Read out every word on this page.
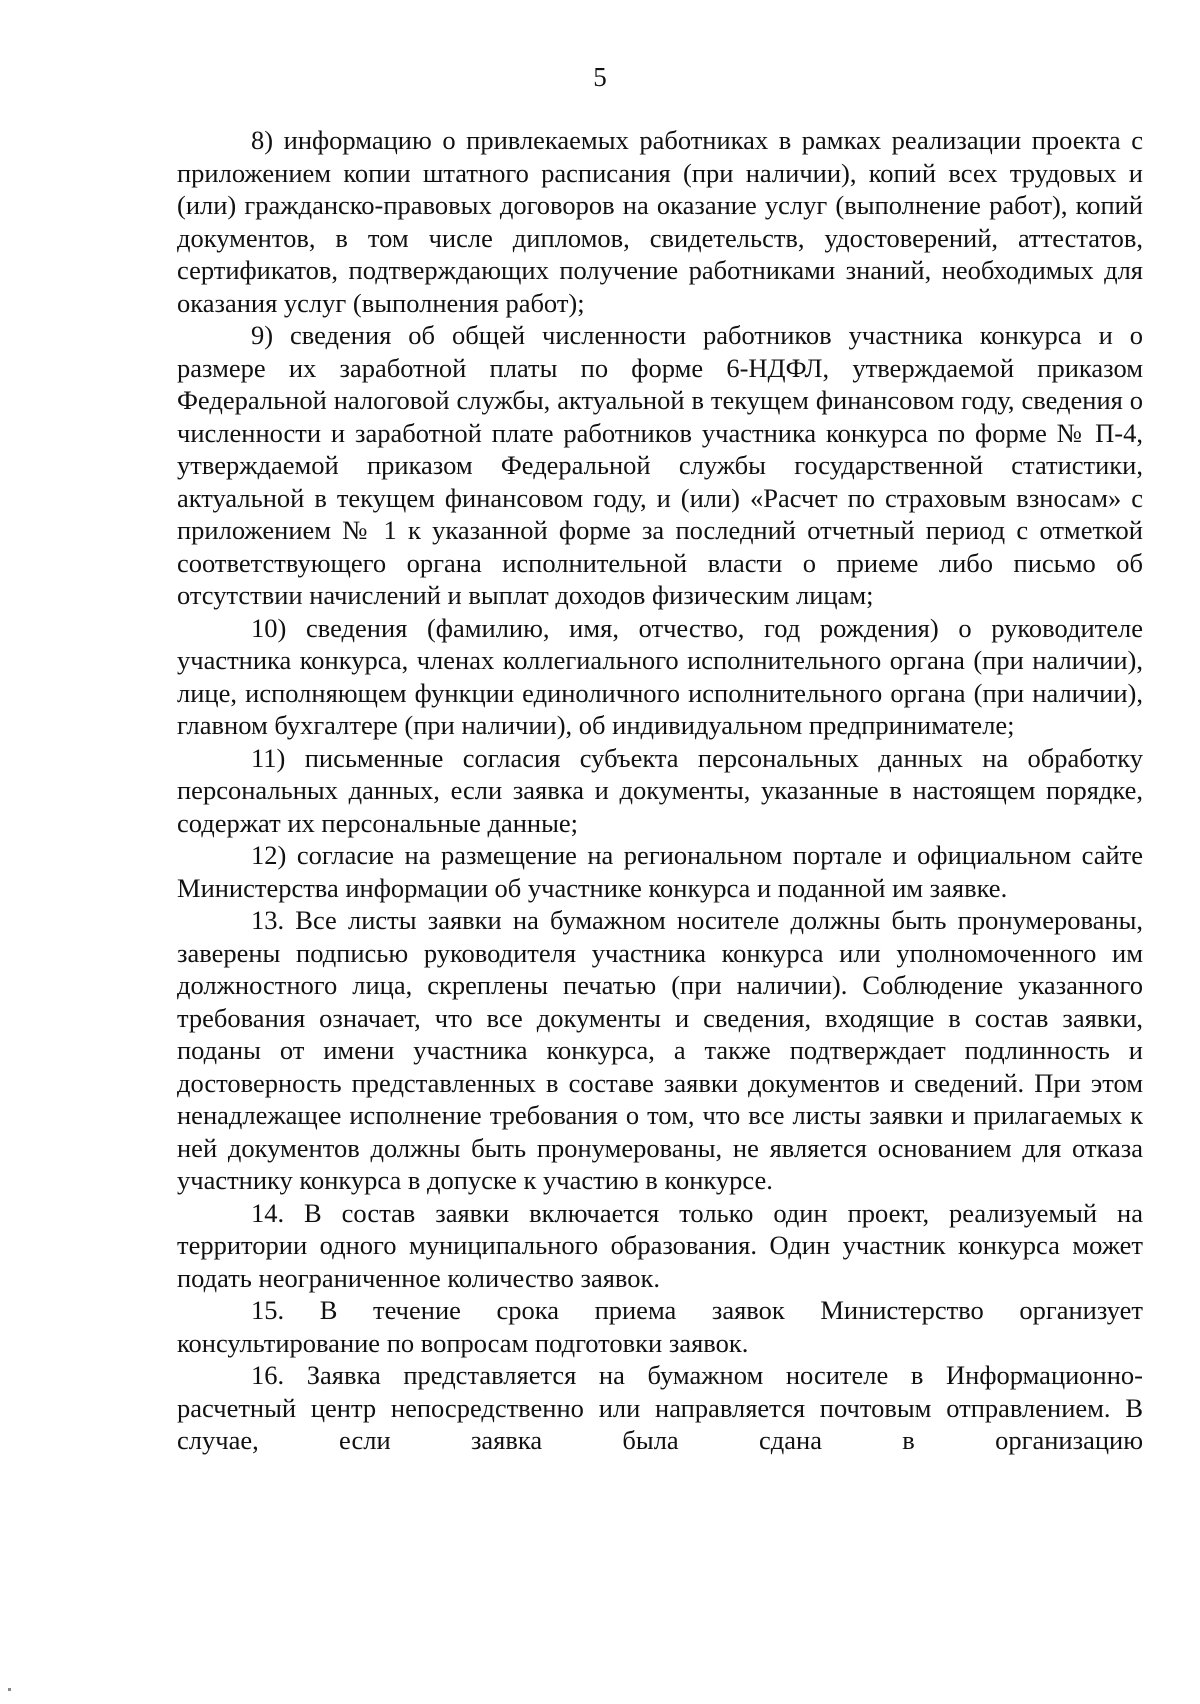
5

8) информацию о привлекаемых работниках в рамках реализации проекта с приложением копии штатного расписания (при наличии), копий всех трудовых и (или) гражданско-правовых договоров на оказание услуг (выполнение работ), копий документов, в том числе дипломов, свидетельств, удостоверений, аттестатов, сертификатов, подтверждающих получение работниками знаний, необходимых для оказания услуг (выполнения работ);

9) сведения об общей численности работников участника конкурса и о размере их заработной платы по форме 6-НДФЛ, утверждаемой приказом Федеральной налоговой службы, актуальной в текущем финансовом году, сведения о численности и заработной плате работников участника конкурса по форме № П-4, утверждаемой приказом Федеральной службы государственной статистики, актуальной в текущем финансовом году, и (или) «Расчет по страховым взносам» с приложением № 1 к указанной форме за последний отчетный период с отметкой соответствующего органа исполнительной власти о приеме либо письмо об отсутствии начислений и выплат доходов физическим лицам;

10) сведения (фамилию, имя, отчество, год рождения) о руководителе участника конкурса, членах коллегиального исполнительного органа (при наличии), лице, исполняющем функции единоличного исполнительного органа (при наличии), главном бухгалтере (при наличии), об индивидуальном предпринимателе;

11) письменные согласия субъекта персональных данных на обработку персональных данных, если заявка и документы, указанные в настоящем порядке, содержат их персональные данные;

12) согласие на размещение на региональном портале и официальном сайте Министерства информации об участнике конкурса и поданной им заявке.

13. Все листы заявки на бумажном носителе должны быть пронумерованы, заверены подписью руководителя участника конкурса или уполномоченного им должностного лица, скреплены печатью (при наличии). Соблюдение указанного требования означает, что все документы и сведения, входящие в состав заявки, поданы от имени участника конкурса, а также подтверждает подлинность и достоверность представленных в составе заявки документов и сведений. При этом ненадлежащее исполнение требования о том, что все листы заявки и прилагаемых к ней документов должны быть пронумерованы, не является основанием для отказа участнику конкурса в допуске к участию в конкурсе.

14. В состав заявки включается только один проект, реализуемый на территории одного муниципального образования. Один участник конкурса может подать неограниченное количество заявок.

15. В течение срока приема заявок Министерство организует консультирование по вопросам подготовки заявок.

16. Заявка представляется на бумажном носителе в Информационно-расчетный центр непосредственно или направляется почтовым отправлением. В случае, если заявка была сдана в организацию
